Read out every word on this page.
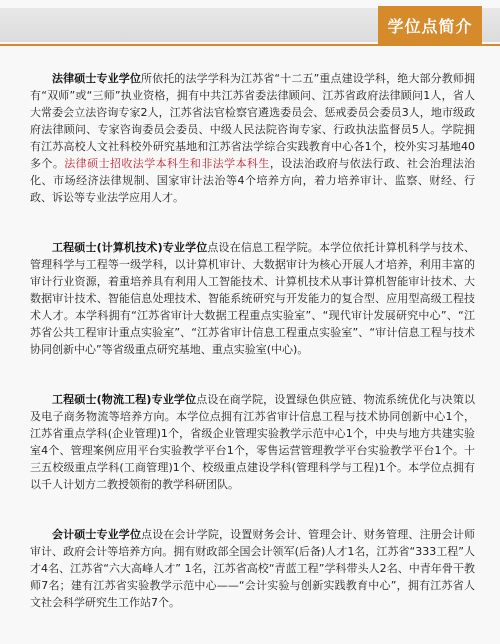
学位点简介

法律硕士专业学位所依托的法学学科为江苏省“十二五”重点建设学科，绝大部分教师拥有“双师”或“三师”执业资格，拥有中共江苏省委法律顾问、江苏省政府法律顾问1人，省人大常委会立法咨询专家2人，江苏省法官检察官遴选委员会、惩戒委员会委员3人，地市级政府法律顾问、专家咨询委员会委员、中级人民法院咨询专家、行政执法监督员5人。学院拥有江苏高校人文社科校外研究基地和江苏省法学综合实践教育中心各1个，校外实习基地40多个。法律硕士招收法学本科生和非法学本科生，设法治政府与依法行政、社会治理法治化、市场经济法律规制、国家审计法治等4个培养方向，着力培养审计、监察、财经、行政、诉讼等专业法学应用人才。

工程硕士(计算机技术)专业学位点设在信息工程学院。本学位依托计算机科学与技术、管理科学与工程等一级学科，以计算机审计、大数据审计为核心开展人才培养，利用丰富的审计行业资源，着重培养具有利用人工智能技术、计算机技术从事计算机智能审计技术、大数据审计技术、智能信息处理技术、智能系统研究与开发能力的复合型、应用型高级工程技术人才。本学科拥有“江苏省审计大数据工程重点实验室”、“现代审计发展研究中心”、“江苏省公共工程审计重点实验室”、“江苏省审计信息工程重点实验室”、“审计信息工程与技术协同创新中心”等省级重点研究基地、重点实验室(中心)。

工程硕士(物流工程)专业学位点设在商学院，设置绿色供应链、物流系统优化与决策以及电子商务物流等培养方向。本学位点拥有江苏省审计信息工程与技术协同创新中心1个，江苏省重点学科(企业管理)1个，省级企业管理实验教学示范中心1个，中央与地方共建实验室4个、管理案例应用平台实验教学平台1个，零售运营管理教学平台实验教学平台1个。十三五校级重点学科(工商管理)1个、校级重点建设学科(管理科学与工程)1个。本学位点拥有以千人计划方二教授领衔的教学科研团队。

会计硕士专业学位点设在会计学院，设置财务会计、管理会计、财务管理、注册会计师审计、政府会计等培养方向。拥有财政部全国会计领军(后备)人才1名，江苏省“333工程”人才4名、江苏省“六大高峰人才” 1名，江苏省高校“青蓝工程”学科带头人2名、中青年骨干教师7名；建有江苏省实验教学示范中心——“会计实验与创新实践教育中心”，拥有江苏省人文社会科学研究生工作站7个。
